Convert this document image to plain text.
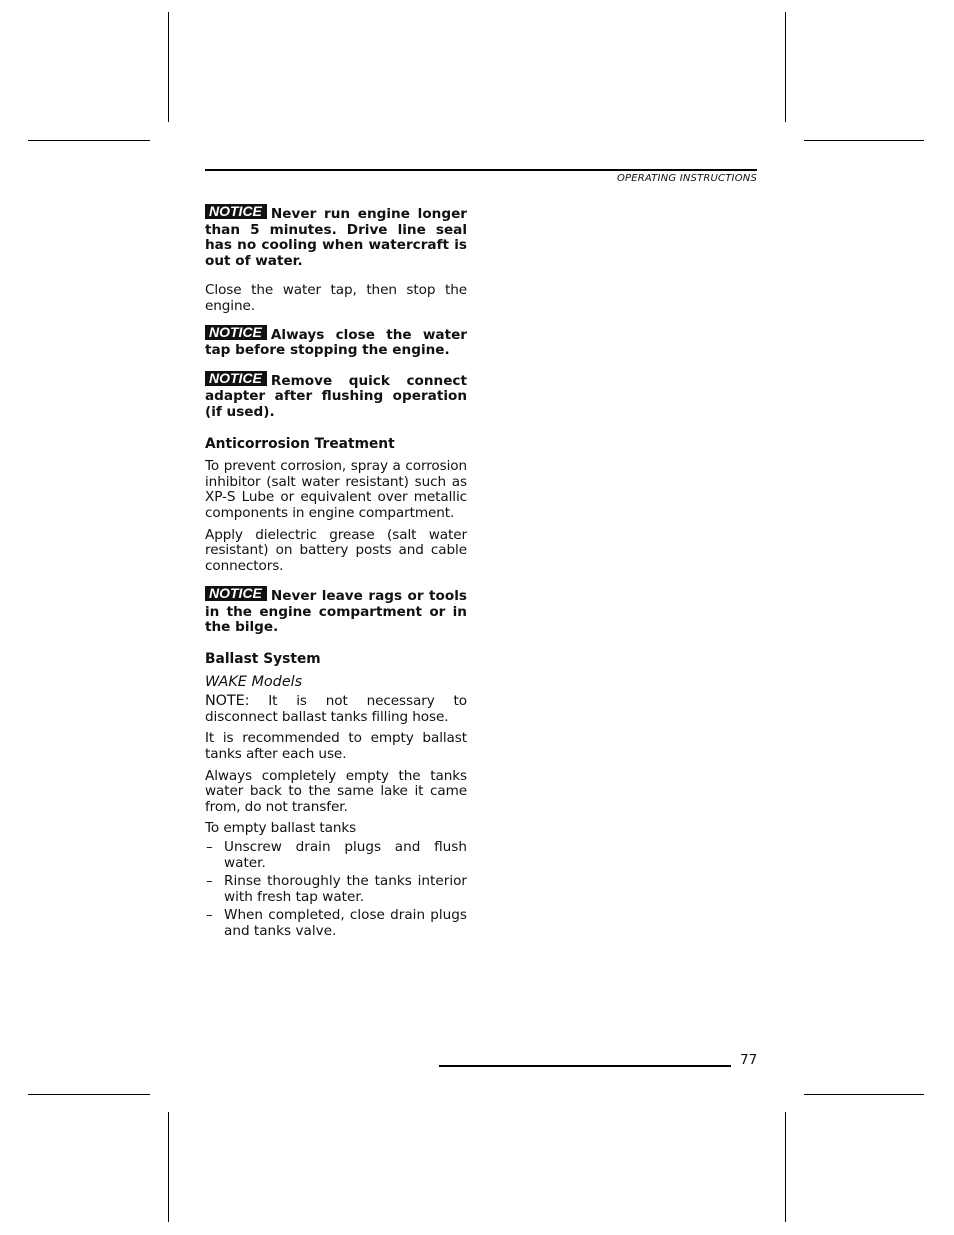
OPERATING INSTRUCTIONS

NOTICE Never run engine longer than 5 minutes. Drive line seal has no cooling when watercraft is out of water.

Close the water tap, then stop the engine.

NOTICE Always close the water tap before stopping the engine.

NOTICE Remove quick connect adapter after flushing operation (if used).

Anticorrosion Treatment

To prevent corrosion, spray a corrosion inhibitor (salt water resistant) such as XP-S Lube or equivalent over metallic components in engine compartment.

Apply dielectric grease (salt water resistant) on battery posts and cable connectors.

NOTICE Never leave rags or tools in the engine compartment or in the bilge.

Ballast System
WAKE Models

NOTE: It is not necessary to disconnect ballast tanks filling hose.

It is recommended to empty ballast tanks after each use.

Always completely empty the tanks water back to the same lake it came from, do not transfer.

To empty ballast tanks

– Unscrew drain plugs and flush water.
– Rinse thoroughly the tanks interior with fresh tap water.
– When completed, close drain plugs and tanks valve.
77
